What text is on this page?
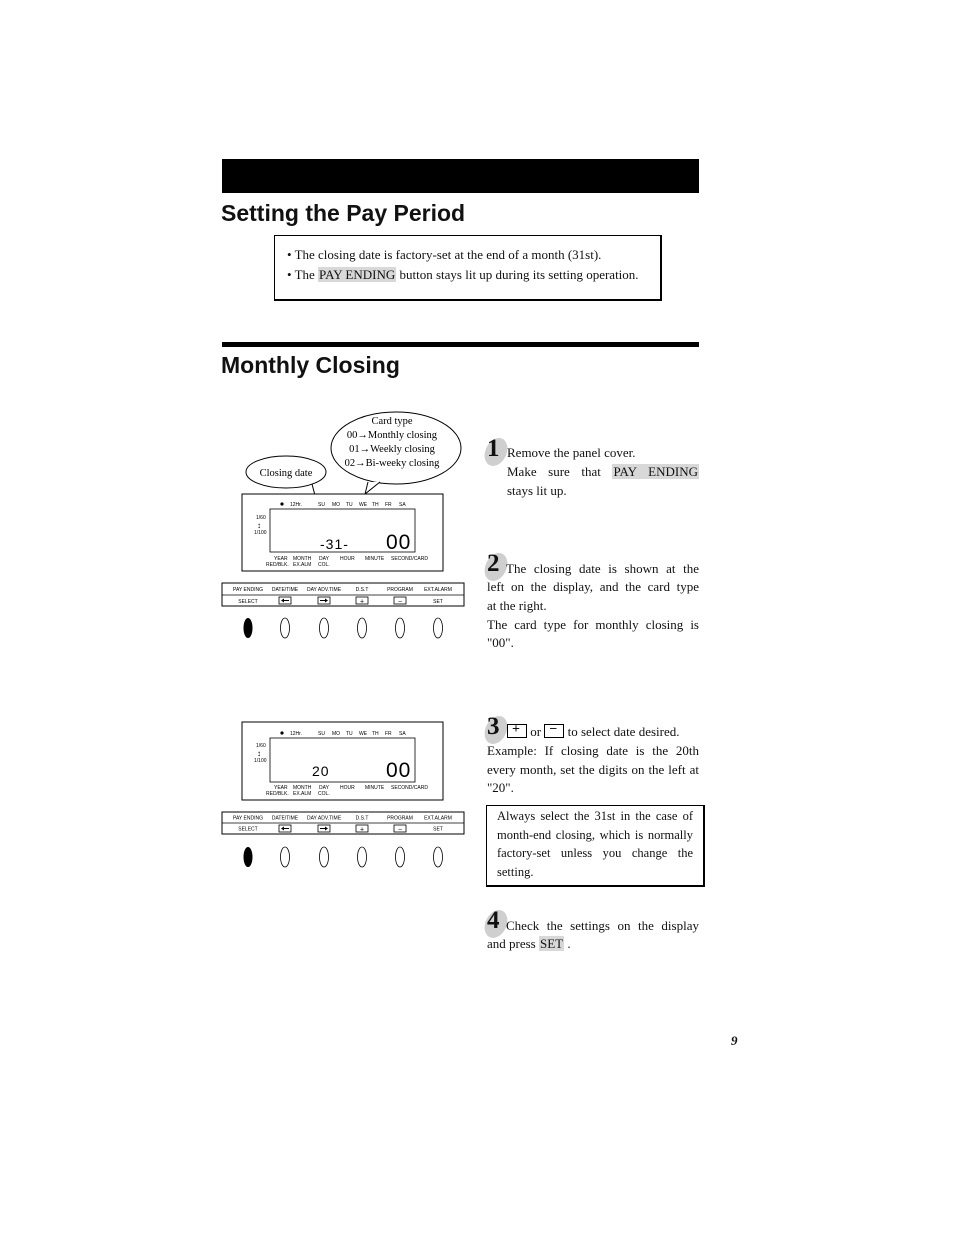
Setting the Pay Period
• The closing date is factory-set at the end of a month (31st).
• The PAY ENDING button stays lit up during its setting operation.
Monthly Closing
Card type
00→Monthly closing
01→Weekly closing
02→Bi-weeky closing
Closing date
12Hr.	SU MO TU WE TH FR SA
1/60
↕
1/100
-31- 00
YEAR MONTH DAY HOUR MINUTE SECOND/CARD
RED/BLK. EX.ALM COL.
PAY ENDING DATE/TIME DAY ADV.TIME	D.S.T	PROGRAM EXT.ALARM
SELECT	+	−	SET
12Hr.	SU MO TU WE TH FR SA
1/60
↕
1/100
20	00
YEAR MONTH DAY HOUR MINUTE SECOND/CARD
RED/BLK. EX.ALM COL.
PAY ENDING DATE/TIME DAY ADV.TIME	D.S.T	PROGRAM EXT.ALARM
SELECT	+	−	SET
1 Remove the panel cover.
Make sure that PAY ENDING
stays lit up.
2 The closing date is shown at the
left on the display, and the card type
at the right.
The card type for monthly closing is
"00".
3 + or − to select date desired.
Example: If closing date is the 20th
every month, set the digits on the left at
"20".
Always select the 31st in the case of month-end closing, which is normally factory-set unless you change the setting.
4 Check the settings on the display
and press SET .
9
